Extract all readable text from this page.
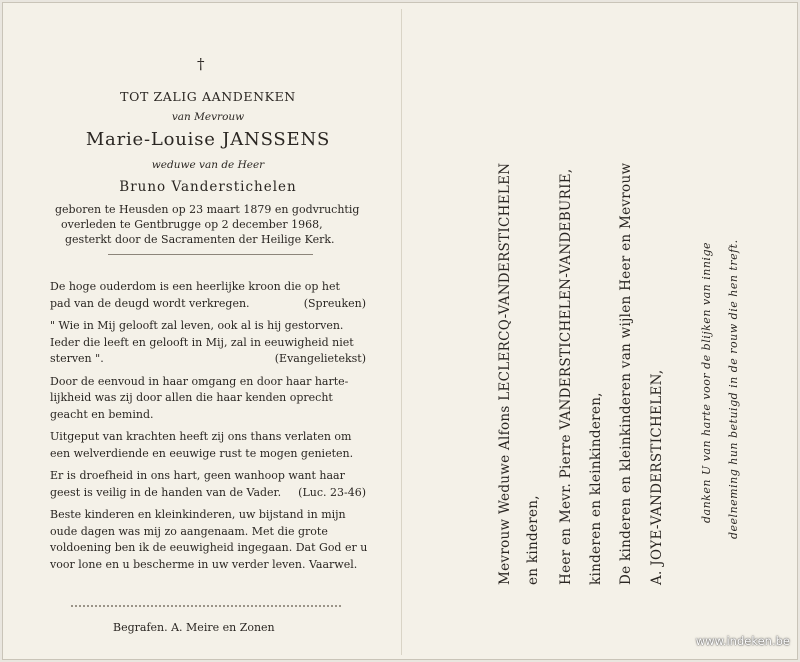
†
TOT ZALIG AANDENKEN
van Mevrouw
Marie-Louise JANSSENS
weduwe van de Heer
Bruno Vanderstichelen
geboren te Heusden op 23 maart 1879 en godvruchtig
overleden te Gentbrugge op 2 december 1968,
gesterkt door de Sacramenten der Heilige Kerk.
De hoge ouderdom is een heerlijke kroon die op het
pad van de deugd wordt verkregen.	(Spreuken)
" Wie in Mij gelooft zal leven, ook al is hij gestorven.
Ieder die leeft en gelooft in Mij, zal in eeuwigheid niet
sterven ".	(Evangelietekst)
Door de eenvoud in haar omgang en door haar harte-
lijkheid was zij door allen die haar kenden oprecht
geacht en bemind.
Uitgeput van krachten heeft zij ons thans verlaten om
een welverdiende en eeuwige rust te mogen genieten.
Er is droefheid in ons hart, geen wanhoop want haar
geest is veilig in de handen van de Vader. (Luc. 23-46)
Beste kinderen en kleinkinderen, uw bijstand in mijn
oude dagen was mij zo aangenaam. Met die grote
voldoening ben ik de eeuwigheid ingegaan. Dat God er u
voor lone en u bescherme in uw verder leven. Vaarwel.
Begrafen. A. Meire en Zonen
Mevrouw Weduwe Alfons LECLERCQ-VANDERSTICHELEN en kinderen, Heer en Mevr. Pierre VANDERSTICHELEN-VANDEBURIE, kinderen en kleinkinderen, De kinderen en kleinkinderen van wijlen Heer en Mevrouw A. JOYE-VANDERSTICHELEN,	danken U van harte voor de blijken van innige deelneming hun betuigd in de rouw die hen treft.
www.indeken.be
